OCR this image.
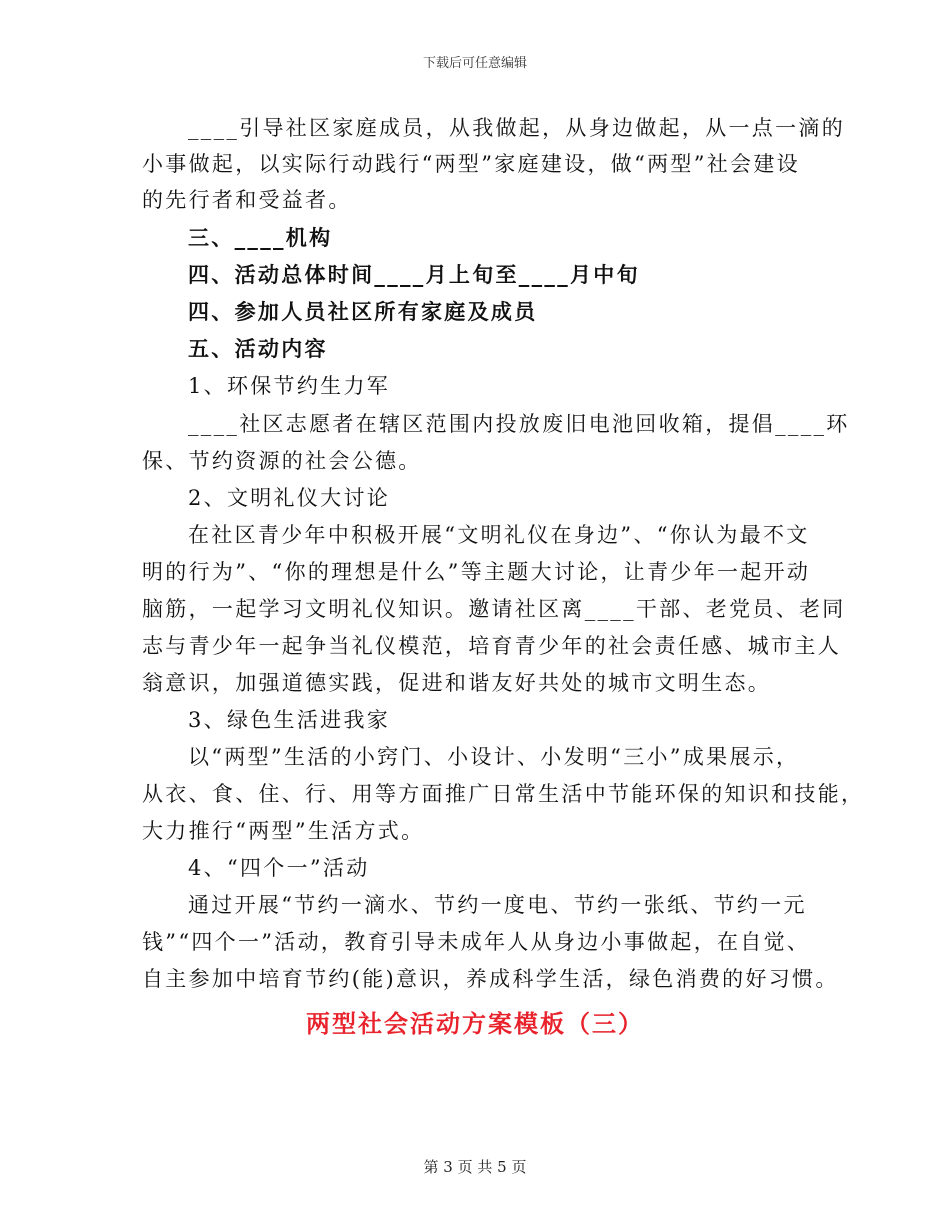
下载后可任意编辑
____引导社区家庭成员，从我做起，从身边做起，从一点一滴的
小事做起，以实际行动践行“两型”家庭建设，做“两型”社会建设
的先行者和受益者。
三、____机构
四、活动总体时间____月上旬至____月中旬
四、参加人员社区所有家庭及成员
五、活动内容
1、环保节约生力军
____社区志愿者在辖区范围内投放废旧电池回收箱，提倡____环
保、节约资源的社会公德。
2、文明礼仪大讨论
在社区青少年中积极开展“文明礼仪在身边”、“你认为最不文
明的行为”、“你的理想是什么”等主题大讨论，让青少年一起开动
脑筋，一起学习文明礼仪知识。邀请社区离____干部、老党员、老同
志与青少年一起争当礼仪模范，培育青少年的社会责任感、城市主人
翁意识，加强道德实践，促进和谐友好共处的城市文明生态。
3、绿色生活进我家
以“两型”生活的小窍门、小设计、小发明“三小”成果展示，
从衣、食、住、行、用等方面推广日常生活中节能环保的知识和技能，
大力推行“两型”生活方式。
4、“四个一”活动
通过开展“节约一滴水、节约一度电、节约一张纸、节约一元
钱”“四个一”活动，教育引导未成年人从身边小事做起，在自觉、
自主参加中培育节约(能)意识，养成科学生活，绿色消费的好习惯。
两型社会活动方案模板（三）
第 3 页 共 5 页
